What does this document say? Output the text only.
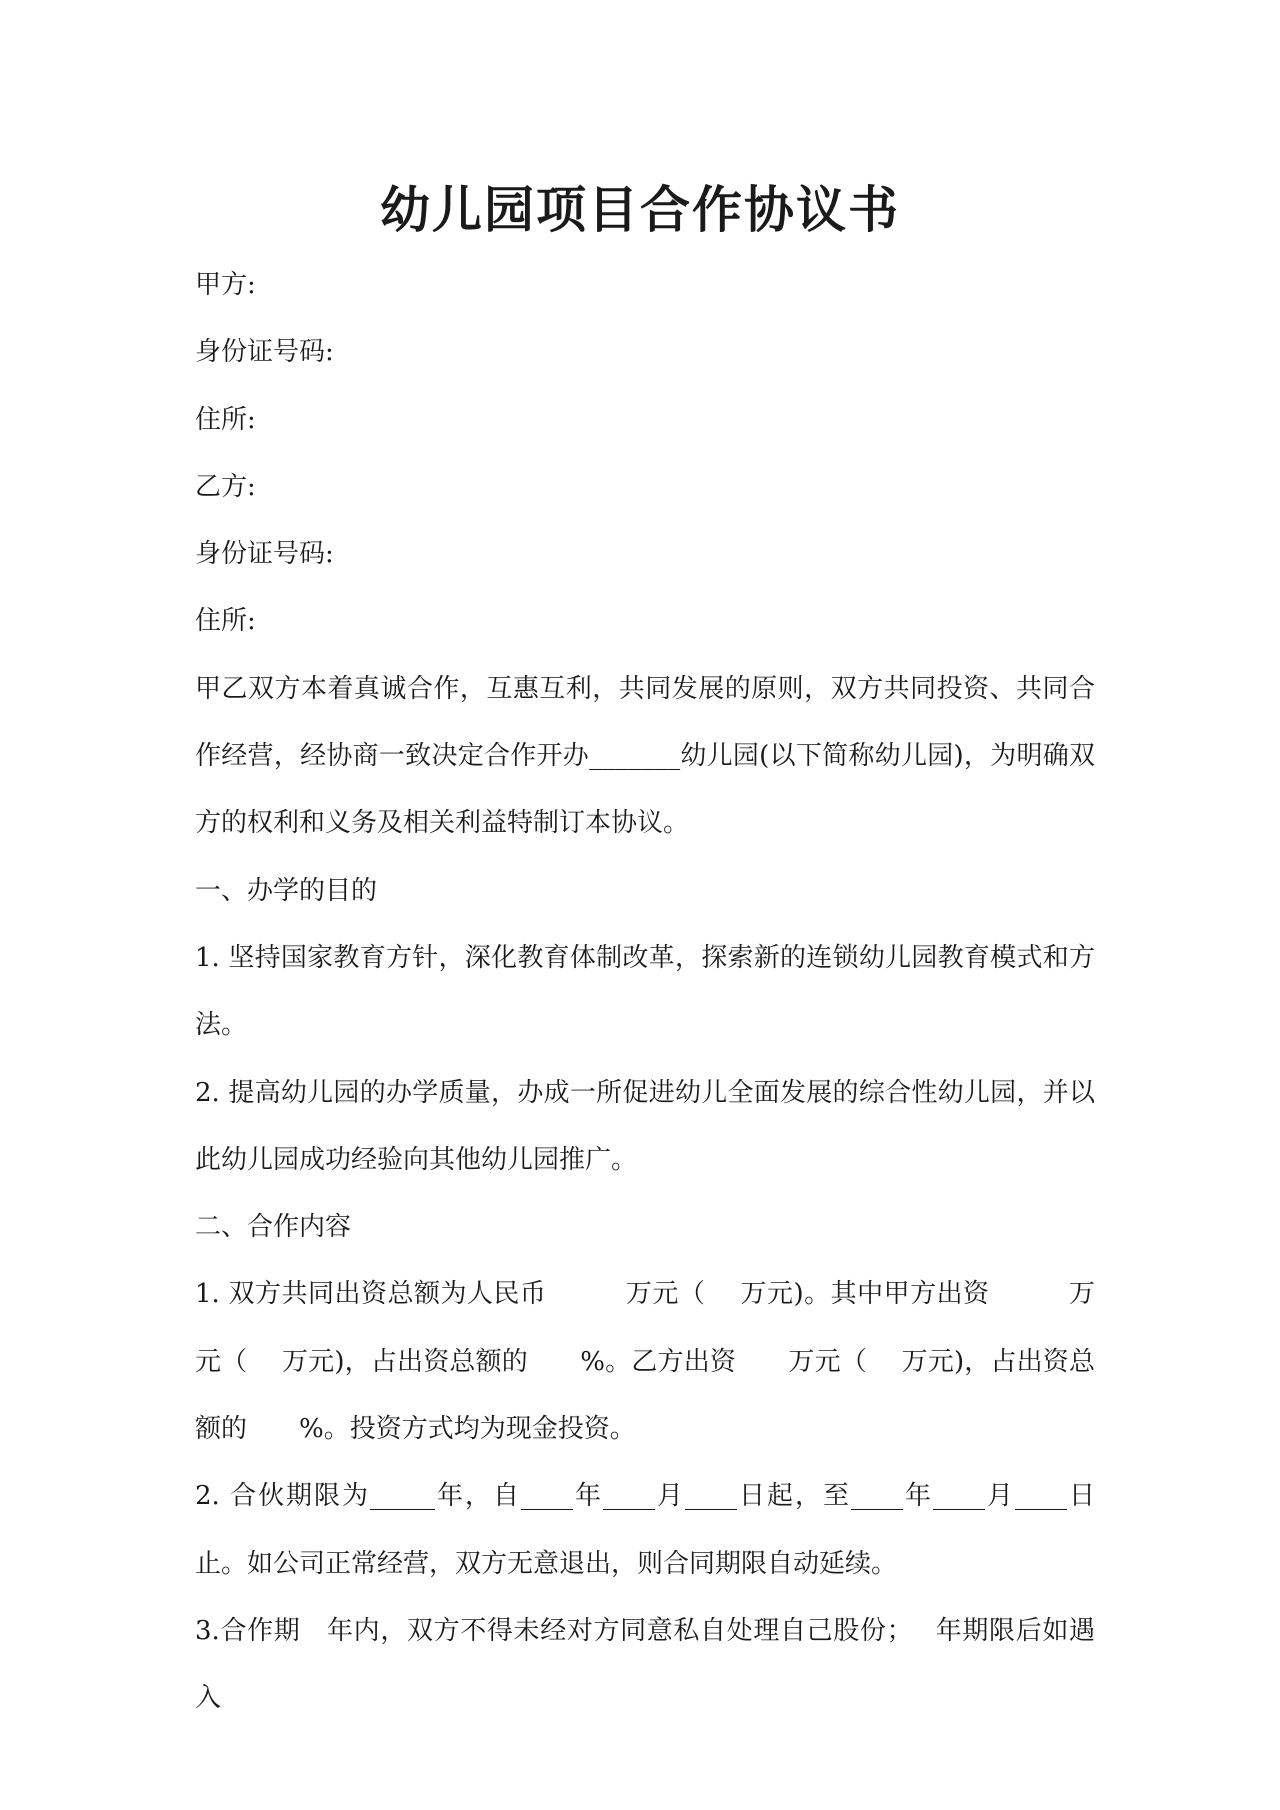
幼儿园项目合作协议书

甲方:

身份证号码:

住所:

乙方:

身份证号码:

住所:

甲乙双方本着真诚合作，互惠互利，共同发展的原则，双方共同投资、共同合作经营，经协商一致决定合作开办_______幼儿园(以下简称幼儿园)，为明确双方的权利和义务及相关利益特制订本协议。

一、办学的目的

1. 坚持国家教育方针，深化教育体制改革，探索新的连锁幼儿园教育模式和方法。

2. 提高幼儿园的办学质量，办成一所促进幼儿全面发展的综合性幼儿园，并以此幼儿园成功经验向其他幼儿园推广。

二、合作内容

1. 双方共同出资总额为人民币　　　万元（　 万元)。其中甲方出资　　　万元（　 万元)，占出资总额的　　%。乙方出资　　万元（　 万元)，占出资总额的　　%。投资方式均为现金投资。

2. 合伙期限为_____年，自____年____月____日起，至____年____月____日止。如公司正常经营，双方无意退出，则合同期限自动延续。

3.合作期　年内，双方不得未经对方同意私自处理自己股份；　 年期限后如遇入
